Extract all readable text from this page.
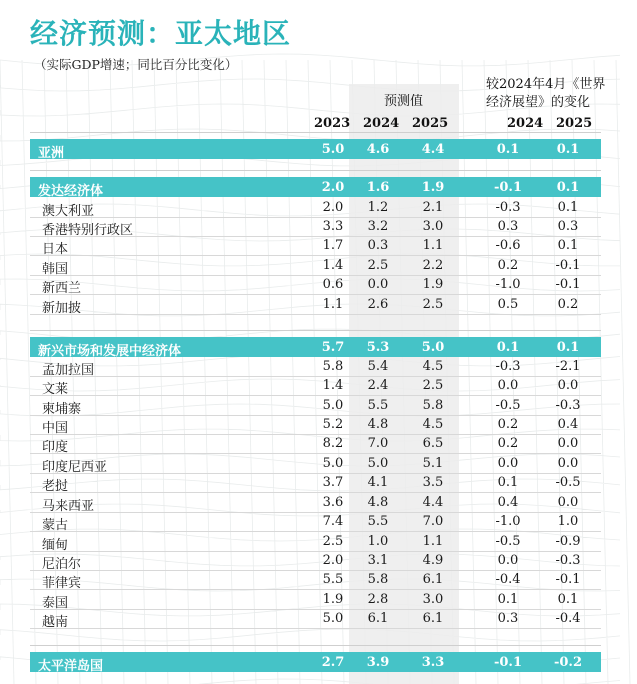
经济预测：亚太地区
（实际GDP增速；同比百分比变化）
预测值
较2024年4月《世界
经济展望》的变化
2023 2024 2025	2024 2025
亚洲	5.0	4.6	4.4	0.1	0.1
发达经济体	2.0	1.6	1.9	-0.1	0.1
澳大利亚	2.0	1.2	2.1	-0.3	0.1
香港特别行政区	3.3	3.2	3.0	0.3	0.3
日本	1.7	0.3	1.1	-0.6	0.1
韩国	1.4	2.5	2.2	0.2	-0.1
新西兰	0.6	0.0	1.9	-1.0	-0.1
新加披	1.1	2.6	2.5	0.5	0.2
新兴市场和发展中经济体	5.7	5.3	5.0	0.1	0.1
孟加拉国	5.8	5.4	4.5	-0.3	-2.1
文莱	1.4	2.4	2.5	0.0	0.0
柬埔寨	5.0	5.5	5.8	-0.5	-0.3
中国	5.2	4.8	4.5	0.2	0.4
印度	8.2	7.0	6.5	0.2	0.0
印度尼西亚	5.0	5.0	5.1	0.0	0.0
老挝	3.7	4.1	3.5	0.1	-0.5
马来西亚	3.6	4.8	4.4	0.4	0.0
蒙古	7.4	5.5	7.0	-1.0	1.0
缅甸	2.5	1.0	1.1	-0.5	-0.9
尼泊尔	2.0	3.1	4.9	0.0	-0.3
菲律宾	5.5	5.8	6.1	-0.4	-0.1
泰国	1.9	2.8	3.0	0.1	0.1
越南	5.0	6.1	6.1	0.3	-0.4
太平洋岛国	2.7	3.9	3.3	-0.1	-0.2
